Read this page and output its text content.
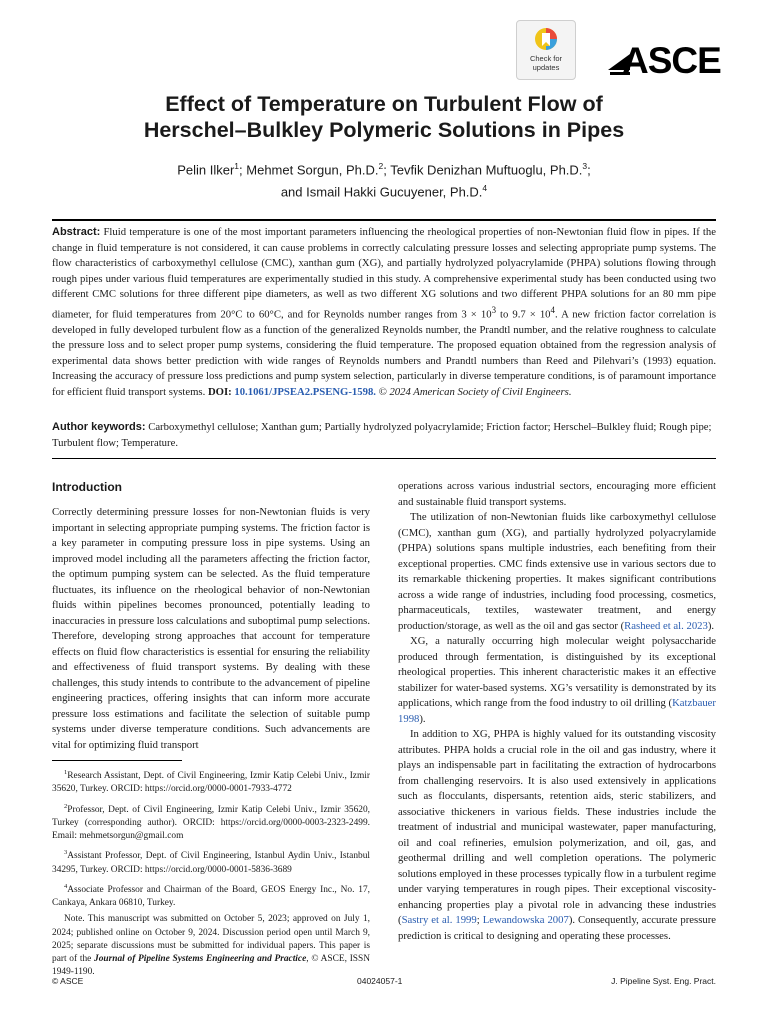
Check for
updates	ASCE
Effect of Temperature on Turbulent Flow of
Herschel–Bulkley Polymeric Solutions in Pipes

Pelin Ilker$^1$; Mehmet Sorgun, Ph.D.$^2$; Tevfik Denizhan Muftuoglu, Ph.D.$^3$;
and Ismail Hakki Gucuyener, Ph.D.$^4$

Abstract: Fluid temperature is one of the most important parameters influencing the rheological properties of non-Newtonian fluid flow in pipes. If the change in fluid temperature is not considered, it can cause problems in correctly calculating pressure losses and selecting appropriate pump systems. The flow characteristics of carboxymethyl cellulose (CMC), xanthan gum (XG), and partially hydrolyzed polyacrylamide (PHPA) solutions flowing through rough pipes under various fluid temperatures are experimentally studied in this study. A comprehensive experimental study has been conducted using two different CMC solutions for three different pipe diameters, as well as two different XG solutions and two different PHPA solutions for an 80 mm pipe diameter, for fluid temperatures from 20°C to 60°C, and for Reynolds number ranges from $3 \times 10^3$ to $9.7 \times 10^4$. A new friction factor correlation is developed in fully developed turbulent flow as a function of the generalized Reynolds number, the Prandtl number, and the relative roughness to calculate the pressure loss and to select proper pump systems, considering the fluid temperature. The proposed equation obtained from the regression analysis of experimental data shows better prediction with wide ranges of Reynolds numbers and Prandtl numbers than Reed and Pilehvari’s (1993) equation. Increasing the accuracy of pressure loss predictions and pump system selection, particularly in diverse temperature conditions, is of paramount importance for efficient fluid transport systems. DOI: 10.1061/JPSEA2.PSENG-1598. © 2024 American Society of Civil Engineers.

Author keywords: Carboxymethyl cellulose; Xanthan gum; Partially hydrolyzed polyacrylamide; Friction factor; Herschel–Bulkley fluid; Rough pipe; Turbulent flow; Temperature.

Introduction

Correctly determining pressure losses for non-Newtonian fluids is very important in selecting appropriate pumping systems. The friction factor is a key parameter in computing pressure loss in pipe systems. Using an improved model including all the parameters affecting the friction factor, the optimum pumping system can be selected. As the fluid temperature fluctuates, its influence on the rheological behavior of non-Newtonian fluids within pipelines becomes pronounced, potentially leading to inaccuracies in pressure loss calculations and suboptimal pump selections. Therefore, developing strong approaches that account for temperature effects on fluid flow characteristics is essential for ensuring the reliability and effectiveness of fluid transport systems. By dealing with these challenges, this study intends to contribute to the advancement of pipeline engineering practices, offering insights that can inform more accurate pressure loss estimations and facilitate the selection of suitable pump systems under diverse temperature conditions. Such advancements are vital for optimizing fluid transport

operations across various industrial sectors, encouraging more efficient and sustainable fluid transport systems.

The utilization of non-Newtonian fluids like carboxymethyl cellulose (CMC), xanthan gum (XG), and partially hydrolyzed polyacrylamide (PHPA) solutions spans multiple industries, each benefiting from their exceptional properties. CMC finds extensive use in various sectors due to its remarkable thickening properties. It makes significant contributions across a wide range of industries, including food processing, cosmetics, pharmaceuticals, textiles, wastewater treatment, and energy production/storage, as well as the oil and gas sector (Rasheed et al. 2023).

XG, a naturally occurring high molecular weight polysaccharide produced through fermentation, is distinguished by its exceptional rheological properties. This inherent characteristic makes it an effective stabilizer for water-based systems. XG’s versatility is demonstrated by its applications, which range from the food industry to oil drilling (Katzbauer 1998).

In addition to XG, PHPA is highly valued for its outstanding viscosity attributes. PHPA holds a crucial role in the oil and gas industry, where it plays an indispensable part in facilitating the extraction of hydrocarbons from challenging reservoirs. It is also used extensively in applications such as flocculants, dispersants, retention aids, steric stabilizers, and associative thickeners in various fields. These industries include the treatment of industrial and municipal wastewater, paper manufacturing, oil and coal refineries, emulsion polymerization, and oil, gas, and geothermal drilling and well completion operations. The polymeric solutions employed in these processes typically flow in a turbulent regime under varying temperatures in rough pipes. Their exceptional viscosity-enhancing properties play a pivotal role in advancing these industries (Sastry et al. 1999; Lewandowska 2007). Consequently, accurate pressure prediction is critical to designing and operating these processes.

$^1$Research Assistant, Dept. of Civil Engineering, Izmir Katip Celebi Univ., Izmir 35620, Turkey. ORCID: https://orcid.org/0000-0001-7933-4772

$^2$Professor, Dept. of Civil Engineering, Izmir Katip Celebi Univ., Izmir 35620, Turkey (corresponding author). ORCID: https://orcid.org/0000-0003-2323-2499. Email: mehmetsorgun@gmail.com

$^3$Assistant Professor, Dept. of Civil Engineering, Istanbul Aydin Univ., Istanbul 34295, Turkey. ORCID: https://orcid.org/0000-0001-5836-3689

$^4$Associate Professor and Chairman of the Board, GEOS Energy Inc., No. 17, Cankaya, Ankara 06810, Turkey.

Note. This manuscript was submitted on October 5, 2023; approved on July 1, 2024; published online on October 9, 2024. Discussion period open until March 9, 2025; separate discussions must be submitted for individual papers. This paper is part of the Journal of Pipeline Systems Engineering and Practice, © ASCE, ISSN 1949-1190.

© ASCE	04024057-1	J. Pipeline Syst. Eng. Pract.
